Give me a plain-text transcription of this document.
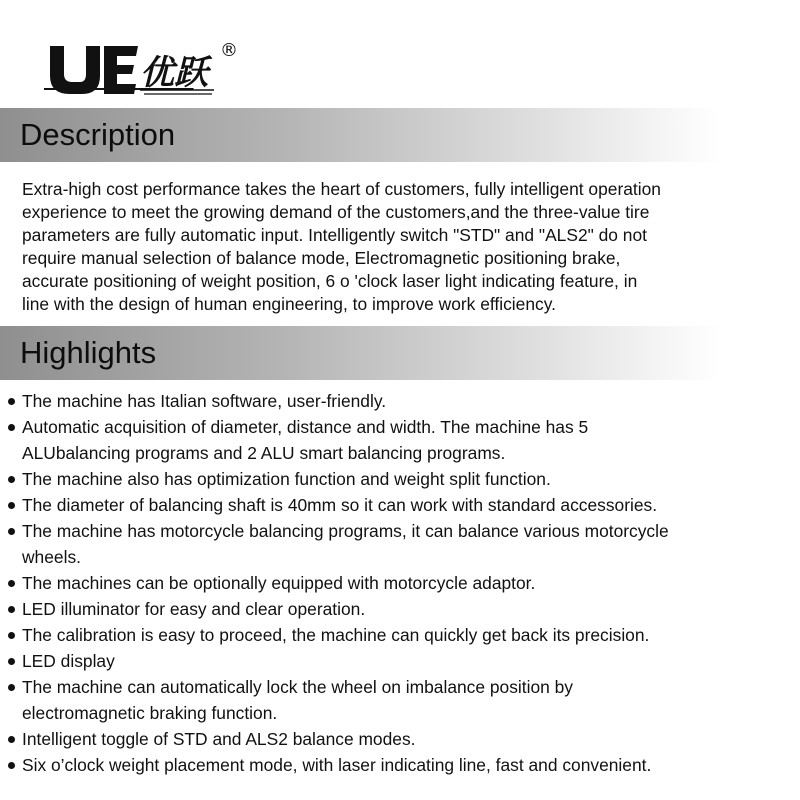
优跃
®
Description
Extra-high cost performance takes the heart of customers, fully intelligent operation
experience to meet the growing demand of the customers,and the three-value tire
parameters are fully automatic input. Intelligently switch "STD" and "ALS2" do not
require manual selection of balance mode, Electromagnetic positioning brake,
accurate positioning of weight position, 6 o 'clock laser light indicating feature, in
line with the design of human engineering, to improve work efficiency.
Highlights
The machine has Italian software, user-friendly.
Automatic acquisition of diameter, distance and width. The machine has 5
ALUbalancing programs and 2 ALU smart balancing programs.
The machine also has optimization function and weight split function.
The diameter of balancing shaft is 40mm so it can work with standard accessories.
The machine has motorcycle balancing programs, it can balance various motorcycle
wheels.
The machines can be optionally equipped with motorcycle adaptor.
LED illuminator for easy and clear operation.
The calibration is easy to proceed, the machine can quickly get back its precision.
LED display
The machine can automatically lock the wheel on imbalance position by
electromagnetic braking function.
Intelligent toggle of STD and ALS2 balance modes.
Six o’clock weight placement mode, with laser indicating line, fast and convenient.
